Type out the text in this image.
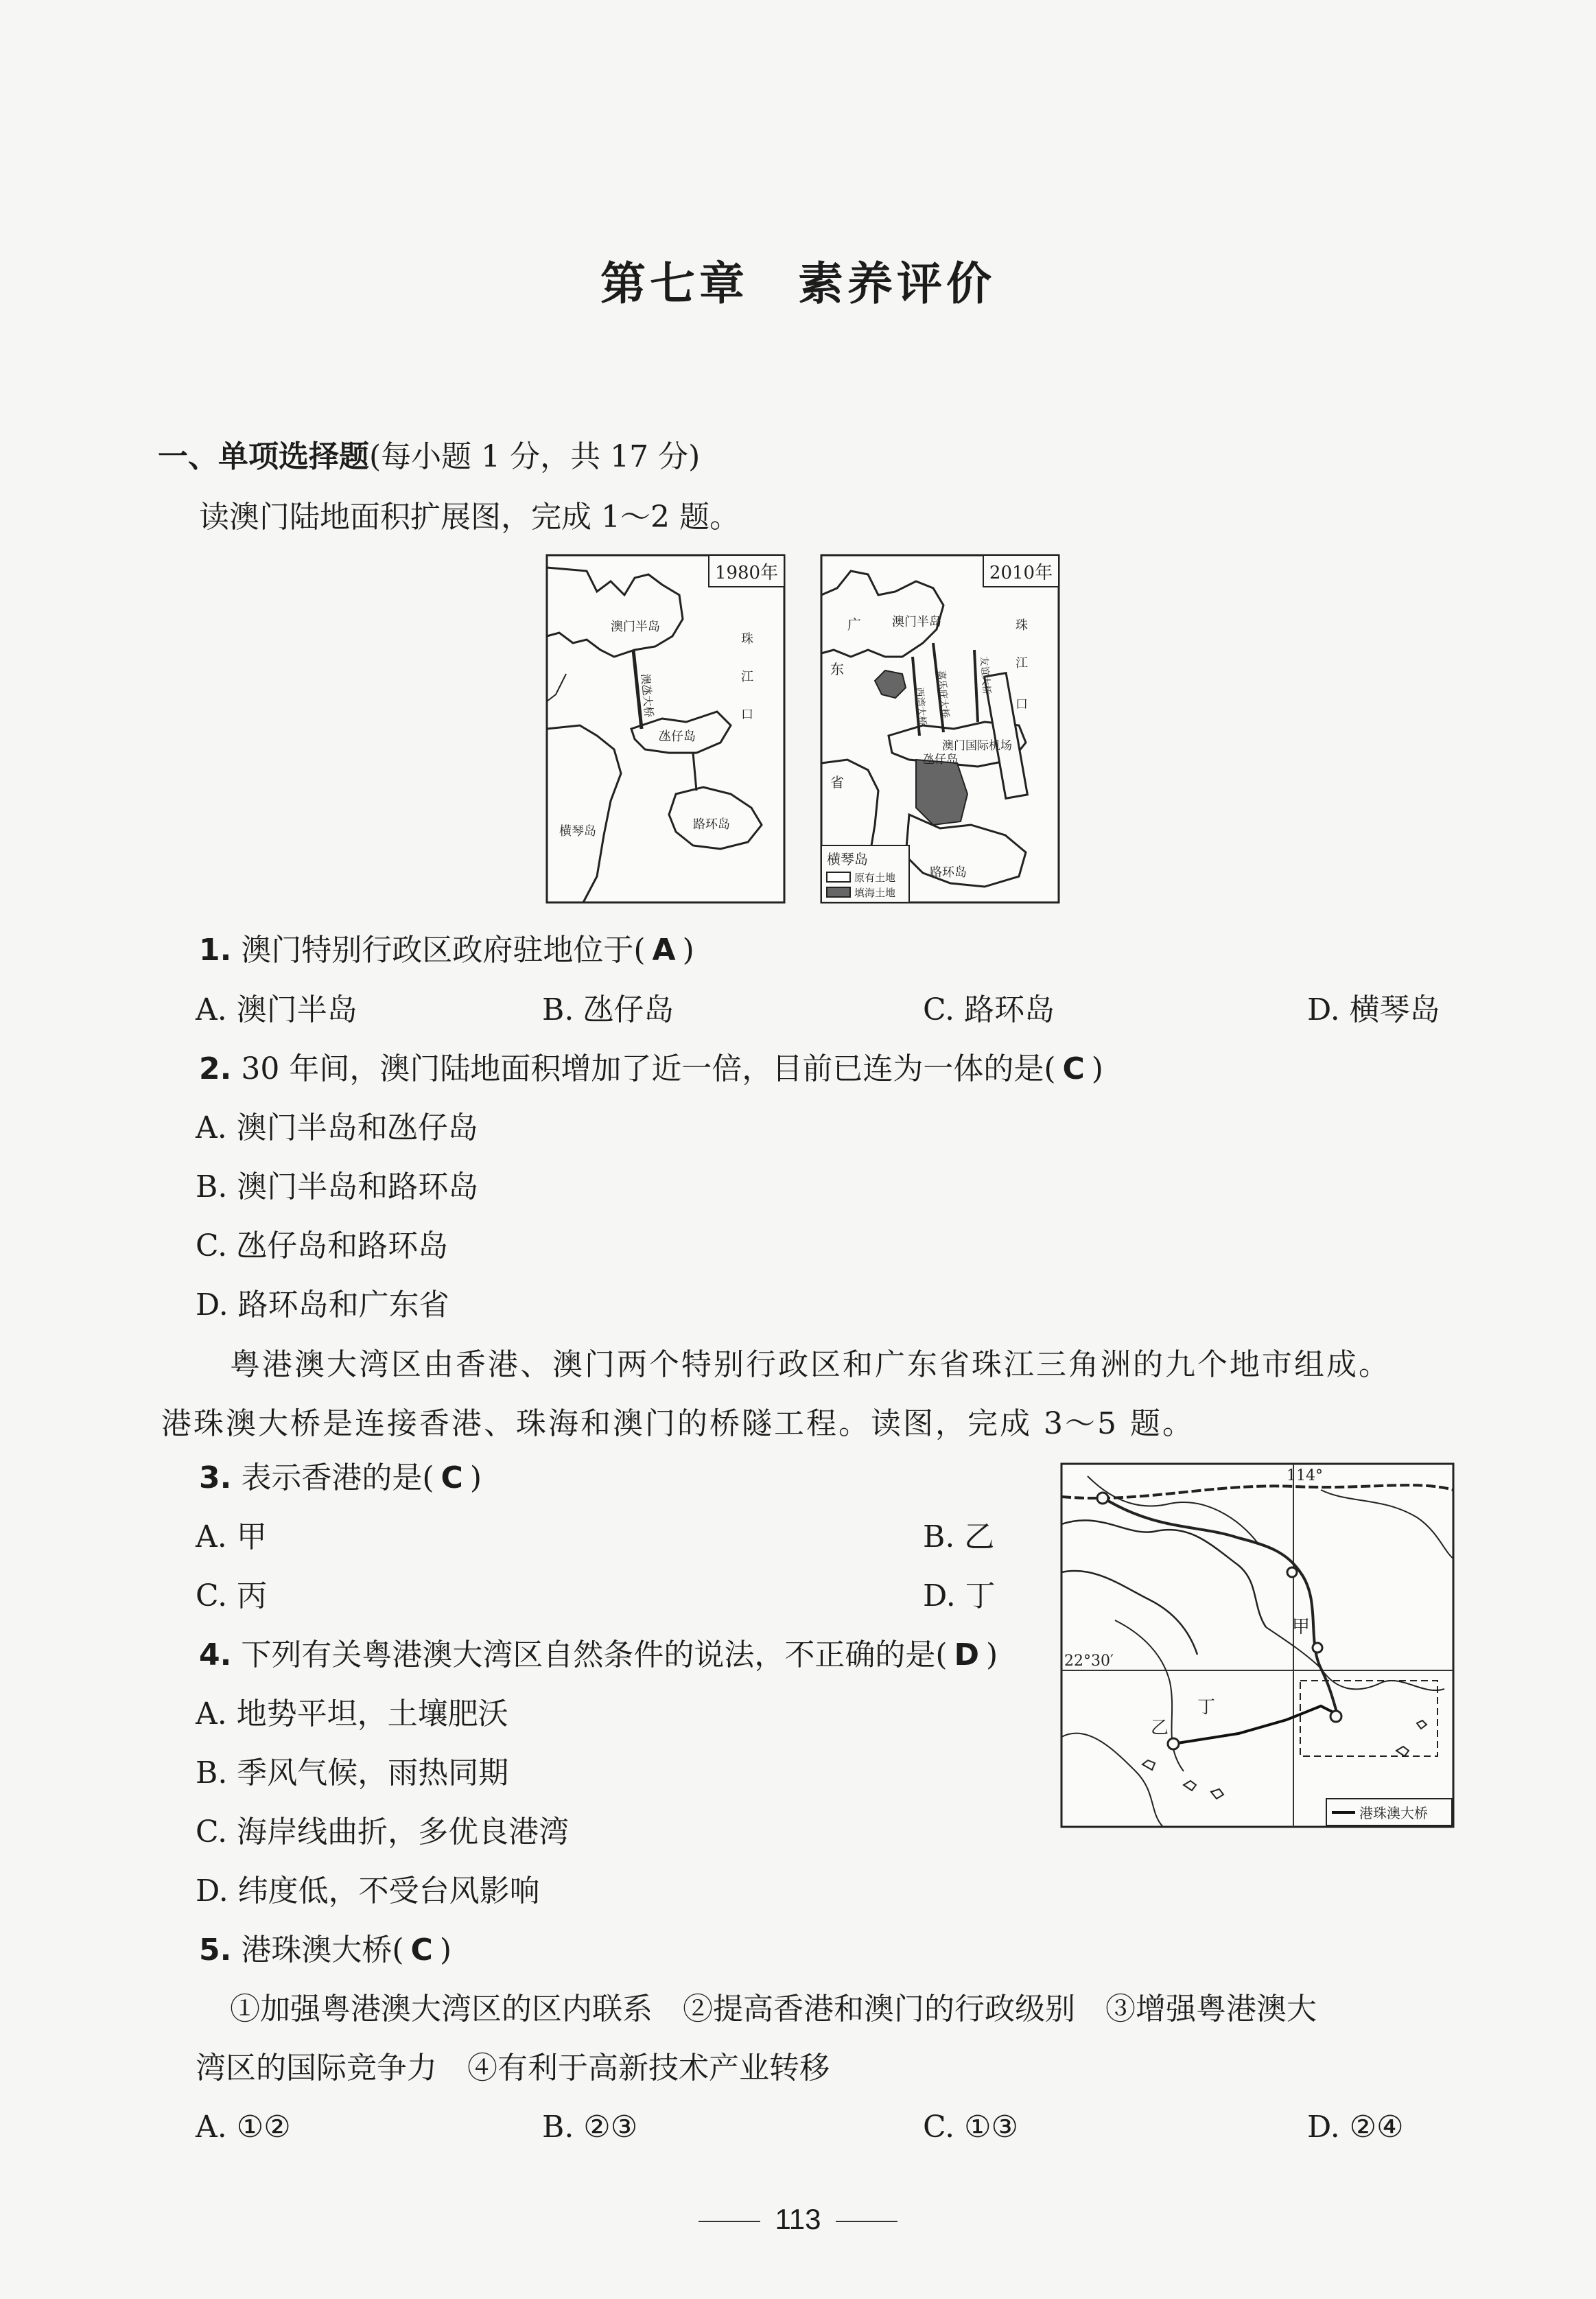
第七章　素养评价
一、单项选择题(每小题 1 分，共 17 分)
读澳门陆地面积扩展图，完成 1～2 题。
1980年
澳门半岛
澳氹大桥
氹仔岛
横琴岛	路环岛
珠
江
口
2010年
广
东
省
澳门半岛
嘉乐庇大桥
西湾大桥
友谊大桥
澳门国际机场
氹仔岛
路环岛
珠
江
口
横琴岛
原有土地
填海土地
1. 澳门特别行政区政府驻地位于( A )
A. 澳门半岛	B. 氹仔岛	C. 路环岛	D. 横琴岛
2. 30 年间，澳门陆地面积增加了近一倍，目前已连为一体的是( C )
A. 澳门半岛和氹仔岛
B. 澳门半岛和路环岛
C. 氹仔岛和路环岛
D. 路环岛和广东省
粤港澳大湾区由香港、澳门两个特别行政区和广东省珠江三角洲的九个地市组成。
港珠澳大桥是连接香港、珠海和澳门的桥隧工程。读图，完成 3～5 题。
3. 表示香港的是( C )
A. 甲	B. 乙
C. 丙	D. 丁
114°
22°30′
甲
乙
丁
港珠澳大桥
4. 下列有关粤港澳大湾区自然条件的说法，不正确的是( D )
A. 地势平坦，土壤肥沃
B. 季风气候，雨热同期
C. 海岸线曲折，多优良港湾
D. 纬度低，不受台风影响
5. 港珠澳大桥( C )
①加强粤港澳大湾区的区内联系　②提高香港和澳门的行政级别　③增强粤港澳大
湾区的国际竞争力　④有利于高新技术产业转移
A. ①②	B. ②③	C. ①③	D. ②④
113
